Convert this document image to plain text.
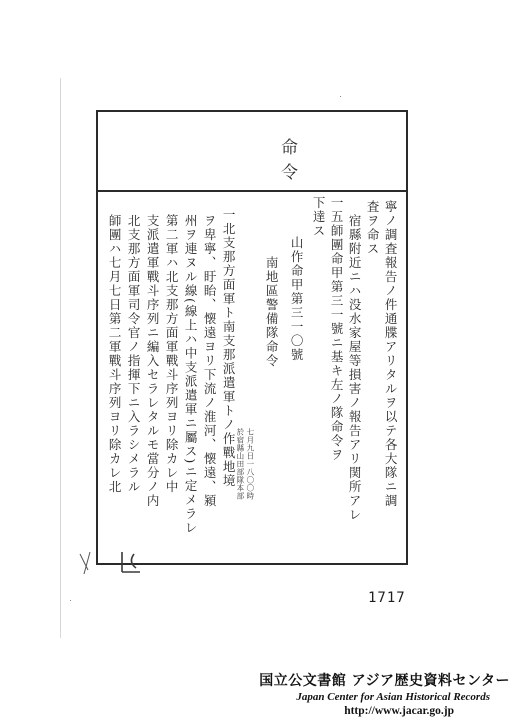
命令
寧ノ調査報告ノ件通牒アリタルヲ以テ各大隊ニ調
査ヲ命ス
宿縣附近ニハ没水家屋等損害ノ報告アリ関所アレ
一五師團命甲第三一號ニ基キ左ノ隊命令ヲ
下達ス
山作命甲第三一〇號
南地區警備隊命令
七月九日一八〇〇時
於宿縣山田部隊本部
一北支那方面軍ト南支那派遣軍トノ作戰地境
ヲ卑寧、盱眙、懐遠ヨリ下流ノ淮河、懐遠、潁
州ヲ連ヌル線(線上ハ中支派遣軍ニ屬ス)ニ定メラレ
第二軍ハ北支那方面軍戰斗序列ヨリ除カレ中
支派遣軍戰斗序列ニ編入セラレタルモ當分ノ内
北支那方面軍司令官ノ指揮下ニ入ラシメラル
師團ハ七月七日第二軍戰斗序列ヨリ除カレ北
1717
国立公文書館 アジア歴史資料センター
Japan Center for Asian Historical Records
http://www.jacar.go.jp
